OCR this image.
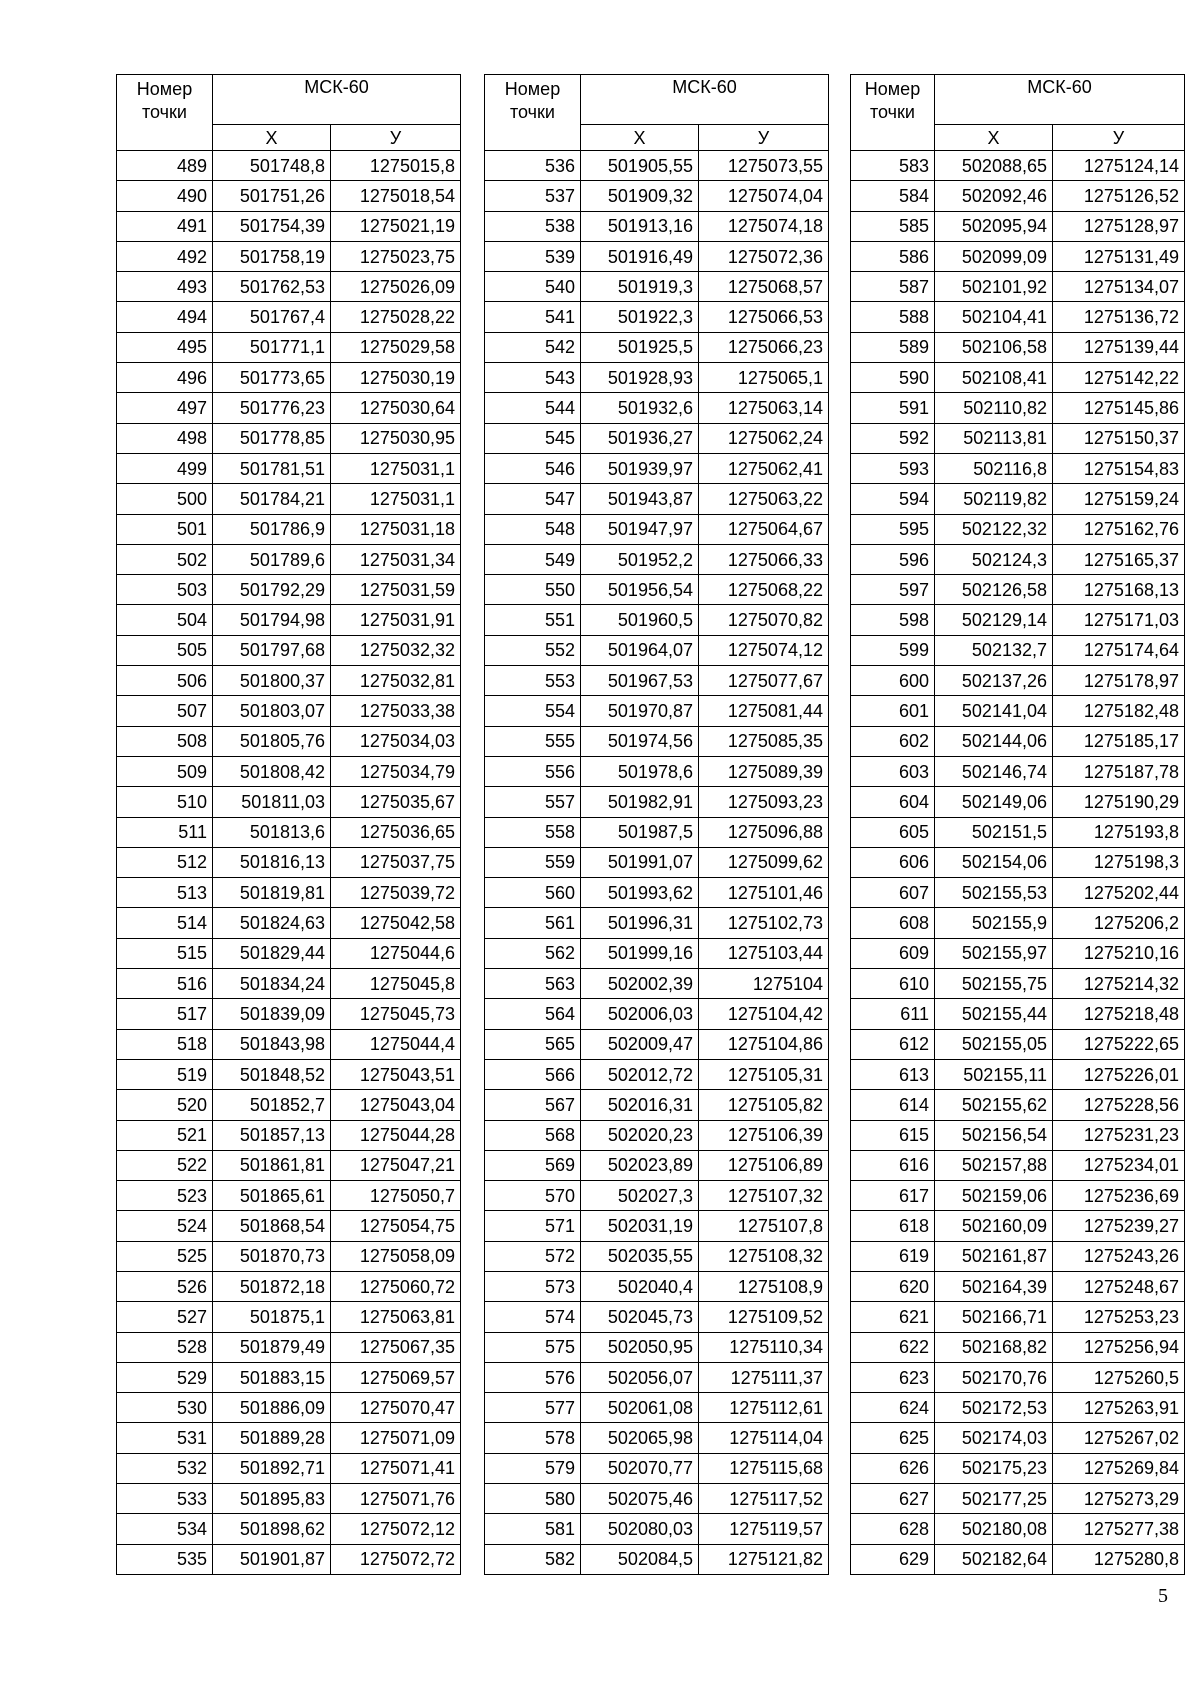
Номер точки	МСК-60	
	Х	У
489	501748,8	1275015,8
490	501751,26	1275018,54
491	501754,39	1275021,19
492	501758,19	1275023,75
493	501762,53	1275026,09
494	501767,4	1275028,22
495	501771,1	1275029,58
496	501773,65	1275030,19
497	501776,23	1275030,64
498	501778,85	1275030,95
499	501781,51	1275031,1
500	501784,21	1275031,1
501	501786,9	1275031,18
502	501789,6	1275031,34
503	501792,29	1275031,59
504	501794,98	1275031,91
505	501797,68	1275032,32
506	501800,37	1275032,81
507	501803,07	1275033,38
508	501805,76	1275034,03
509	501808,42	1275034,79
510	501811,03	1275035,67
511	501813,6	1275036,65
512	501816,13	1275037,75
513	501819,81	1275039,72
514	501824,63	1275042,58
515	501829,44	1275044,6
516	501834,24	1275045,8
517	501839,09	1275045,73
518	501843,98	1275044,4
519	501848,52	1275043,51
520	501852,7	1275043,04
521	501857,13	1275044,28
522	501861,81	1275047,21
523	501865,61	1275050,7
524	501868,54	1275054,75
525	501870,73	1275058,09
526	501872,18	1275060,72
527	501875,1	1275063,81
528	501879,49	1275067,35
529	501883,15	1275069,57
530	501886,09	1275070,47
531	501889,28	1275071,09
532	501892,71	1275071,41
533	501895,83	1275071,76
534	501898,62	1275072,12
535	501901,87	1275072,72
Номер точки	МСК-60	
	Х	У
536	501905,55	1275073,55
537	501909,32	1275074,04
538	501913,16	1275074,18
539	501916,49	1275072,36
540	501919,3	1275068,57
541	501922,3	1275066,53
542	501925,5	1275066,23
543	501928,93	1275065,1
544	501932,6	1275063,14
545	501936,27	1275062,24
546	501939,97	1275062,41
547	501943,87	1275063,22
548	501947,97	1275064,67
549	501952,2	1275066,33
550	501956,54	1275068,22
551	501960,5	1275070,82
552	501964,07	1275074,12
553	501967,53	1275077,67
554	501970,87	1275081,44
555	501974,56	1275085,35
556	501978,6	1275089,39
557	501982,91	1275093,23
558	501987,5	1275096,88
559	501991,07	1275099,62
560	501993,62	1275101,46
561	501996,31	1275102,73
562	501999,16	1275103,44
563	502002,39	1275104
564	502006,03	1275104,42
565	502009,47	1275104,86
566	502012,72	1275105,31
567	502016,31	1275105,82
568	502020,23	1275106,39
569	502023,89	1275106,89
570	502027,3	1275107,32
571	502031,19	1275107,8
572	502035,55	1275108,32
573	502040,4	1275108,9
574	502045,73	1275109,52
575	502050,95	1275110,34
576	502056,07	1275111,37
577	502061,08	1275112,61
578	502065,98	1275114,04
579	502070,77	1275115,68
580	502075,46	1275117,52
581	502080,03	1275119,57
582	502084,5	1275121,82
Номер точки	МСК-60	
	Х	У
583	502088,65	1275124,14
584	502092,46	1275126,52
585	502095,94	1275128,97
586	502099,09	1275131,49
587	502101,92	1275134,07
588	502104,41	1275136,72
589	502106,58	1275139,44
590	502108,41	1275142,22
591	502110,82	1275145,86
592	502113,81	1275150,37
593	502116,8	1275154,83
594	502119,82	1275159,24
595	502122,32	1275162,76
596	502124,3	1275165,37
597	502126,58	1275168,13
598	502129,14	1275171,03
599	502132,7	1275174,64
600	502137,26	1275178,97
601	502141,04	1275182,48
602	502144,06	1275185,17
603	502146,74	1275187,78
604	502149,06	1275190,29
605	502151,5	1275193,8
606	502154,06	1275198,3
607	502155,53	1275202,44
608	502155,9	1275206,2
609	502155,97	1275210,16
610	502155,75	1275214,32
611	502155,44	1275218,48
612	502155,05	1275222,65
613	502155,11	1275226,01
614	502155,62	1275228,56
615	502156,54	1275231,23
616	502157,88	1275234,01
617	502159,06	1275236,69
618	502160,09	1275239,27
619	502161,87	1275243,26
620	502164,39	1275248,67
621	502166,71	1275253,23
622	502168,82	1275256,94
623	502170,76	1275260,5
624	502172,53	1275263,91
625	502174,03	1275267,02
626	502175,23	1275269,84
627	502177,25	1275273,29
628	502180,08	1275277,38
629	502182,64	1275280,8
5
